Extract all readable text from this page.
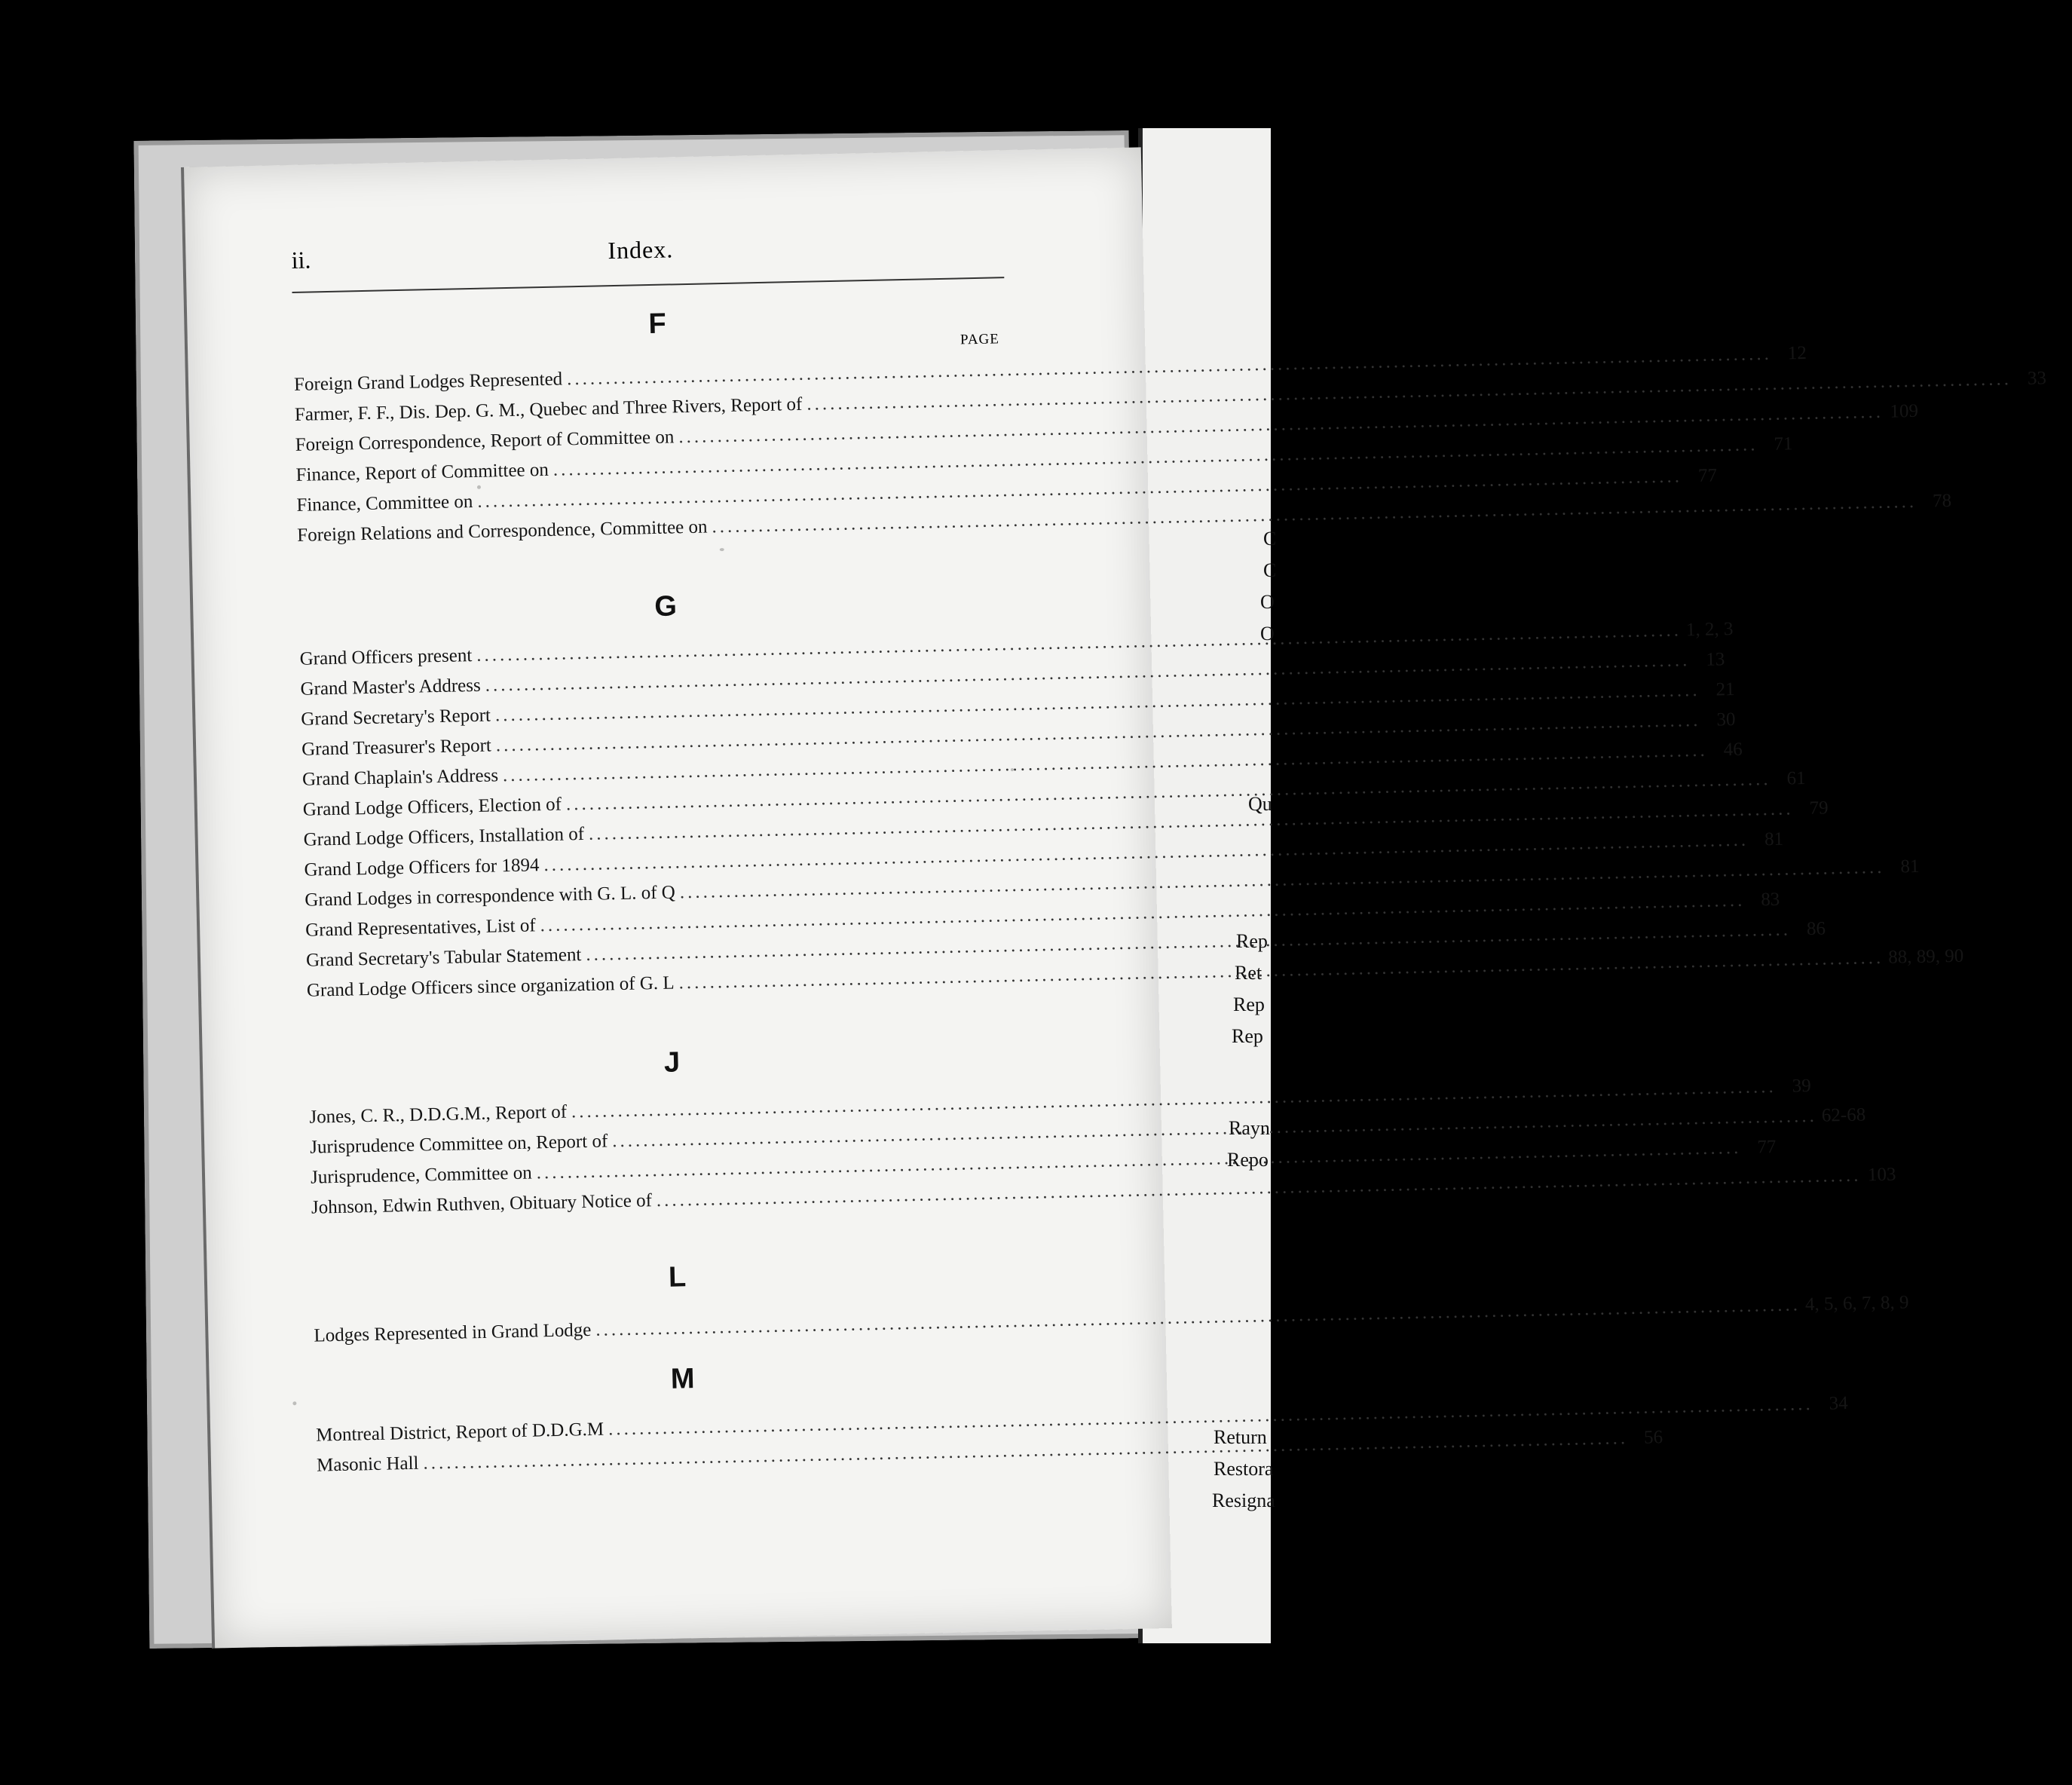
C
C
O
O
Qu
Rep
Ret
Rep
Rep
Rayn
Repo
Return
Restora
Resigna
ii.	Index.
F	PAGE
Foreign Grand Lodges Represented
.....
12
Farmer, F. F., Dis. Dep. G. M., Quebec and Three Rivers, Report of
.....
33
Foreign Correspondence, Report of Committee on
.....
109
Finance, Report of Committee on
.....
71
Finance, Committee on
.....
77
Foreign Relations and Correspondence, Committee on
.....
78
G
Grand Officers present
.....
1, 2, 3
Grand Master's Address
.....
13
Grand Secretary's Report
.....
21
Grand Treasurer's Report
.....
30
Grand Chaplain's Address
.....
46
Grand Lodge Officers, Election of
.....
61
Grand Lodge Officers, Installation of
.....
79
Grand Lodge Officers for 1894
.....
81
Grand Lodges in correspondence with G. L. of Q
.....
81
Grand Representatives, List of
.....
83
Grand Secretary's Tabular Statement
.....
86
Grand Lodge Officers since organization of G. L
.....
88, 89, 90
J
Jones, C. R., D.D.G.M., Report of
.....
39
Jurisprudence Committee on, Report of
.....
62-68
Jurisprudence, Committee on
.....
77
Johnson, Edwin Ruthven, Obituary Notice of
.....
103
L
Lodges Represented in Grand Lodge
.....
4, 5, 6, 7, 8, 9
M
Montreal District, Report of D.D.G.M
.....
34
Masonic Hall
.....
56
